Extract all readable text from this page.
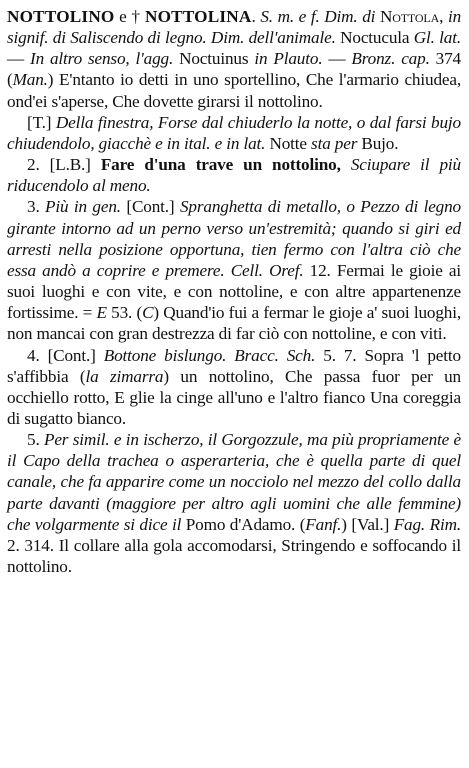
NOTTOLINO e † NOTTOLINA. S. m. e f. Dim. di Nottola, in signif. di Saliscendo di legno. Dim. dell'animale. Noctucula Gl. lat. — In altro senso, l'agg. Noctuinus in Plauto. — Bronz. cap. 374 (Man.) E'ntanto io detti in uno sportellino, Che l'armario chiudea, ond'ei s'aperse, Che dovette girarsi il nottolino.

[T.] Della finestra, Forse dal chiuderlo la notte, o dal farsi bujo chiudendolo, giacchè e in ital. e in lat. Notte sta per Bujo.

2. [L.B.] Fare d'una trave un nottolino, Sciupare il più riducendolo al meno.

3. Più in gen. [Cont.] Spranghetta di metallo, o Pezzo di legno girante intorno ad un perno verso un'estremità; quando si giri ed arresti nella posizione opportuna, tien fermo con l'altra ciò che essa andò a coprire e premere. Cell. Oref. 12. Fermai le gioie ai suoi luoghi e con vite, e con nottoline, e con altre appartenenze fortissime. = E 53. (C) Quand'io fui a fermar le gioje a' suoi luoghi, non mancai con gran destrezza di far ciò con nottoline, e con viti.

4. [Cont.] Bottone bislungo. Bracc. Sch. 5. 7. Sopra 'l petto s'affibbia (la zimarra) un nottolino, Che passa fuor per un occhiello rotto, E glie la cinge all'uno e l'altro fianco Una coreggia di sugatto bianco.

5. Per simil. e in ischerzo, il Gorgozzule, ma più propriamente è il Capo della trachea o asperarteria, che è quella parte di quel canale, che fa apparire come un nocciolo nel mezzo del collo dalla parte davanti (maggiore per altro agli uomini che alle femmine) che volgarmente si dice il Pomo d'Adamo. (Fanf.) [Val.] Fag. Rim. 2. 314. Il collare alla gola accomodarsi, Stringendo e soffocando il nottolino.
